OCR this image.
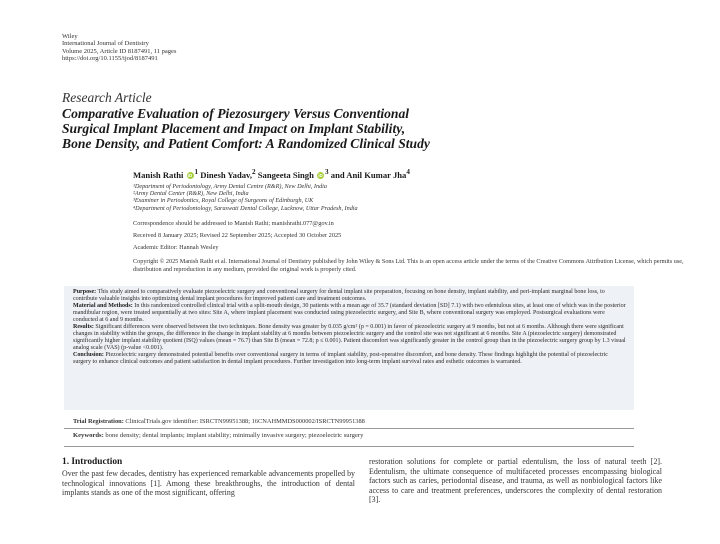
Wiley
International Journal of Dentistry
Volume 2025, Article ID 8187491, 11 pages
https://doi.org/10.1155/ijod/8187491
Research Article
Comparative Evaluation of Piezosurgery Versus Conventional
Surgical Implant Placement and Impact on Implant Stability,
Bone Density, and Patient Comfort: A Randomized Clinical Study
Manish Rathi iD $^1$ Dinesh Yadav,$^2$ Sangeeta Singh iD $^3$ and Anil Kumar Jha$^4$
¹Department of Periodontology, Army Dental Centre (R&R), New Delhi, India
²Army Dental Center (R&R), New Delhi, India
³Examiner in Periodontics, Royal College of Surgeons of Edinburgh, UK
⁴Department of Periodontology, Saraswati Dental College, Lucknow, Uttar Pradesh, India
Correspondence should be addressed to Manish Rathi; manishrathi.077@gov.in
Received 8 January 2025; Revised 22 September 2025; Accepted 30 October 2025
Academic Editor: Hannah Wesley
Copyright © 2025 Manish Rathi et al. International Journal of Dentistry published by John Wiley & Sons Ltd. This is an open access article under the terms of the Creative Commons Attribution License, which permits use, distribution and reproduction in any medium, provided the original work is properly cited.
Purpose: This study aimed to comparatively evaluate piezoelectric surgery and conventional surgery for dental implant site preparation, focusing on bone density, implant stability, and peri-implant marginal bone loss, to contribute valuable insights into optimizing dental implant procedures for improved patient care and treatment outcomes.
Material and Methods: In this randomized controlled clinical trial with a split-mouth design, 30 patients with a mean age of 35.7 (standard deviation [SD] 7.1) with two edentulous sites, at least one of which was in the posterior mandibular region, were treated sequentially at two sites: Site A, where implant placement was conducted using piezoelectric surgery, and Site B, where conventional surgery was employed. Postsurgical evaluations were conducted at 6 and 9 months.
Results: Significant differences were observed between the two techniques. Bone density was greater by 0.035 g/cm² (p = 0.001) in favor of piezoelectric surgery at 9 months, but not at 6 months. Although there were significant changes in stability within the groups, the difference in the change in implant stability at 6 months between piezoelectric surgery and the control site was not significant at 6 months. Site A (piezoelectric surgery) demonstrated significantly higher implant stability quotient (ISQ) values (mean = 76.7) than Site B (mean = 72.8; p ≤ 0.001). Patient discomfort was significantly greater in the control group than in the piezoelectric surgery group by 1.3 visual analog scale (VAS) (p-value <0.001).
Conclusion: Piezoelectric surgery demonstrated potential benefits over conventional surgery in terms of implant stability, post-operative discomfort, and bone density. These findings highlight the potential of piezoelectric surgery to enhance clinical outcomes and patient satisfaction in dental implant procedures. Further investigation into long-term implant survival rates and esthetic outcomes is warranted.
Trial Registration: ClinicalTrials.gov identifier: ISRCTN99951388; 16CNAHMMDS000002/ISRCTN99951388
Keywords: bone density; dental implants; implant stability; minimally invasive surgery; piezoelectric surgery
1. Introduction
Over the past few decades, dentistry has experienced remarkable advancements propelled by technological innovations [1]. Among these breakthroughs, the introduction of dental implants stands as one of the most significant, offering
restoration solutions for complete or partial edentulism, the loss of natural teeth [2]. Edentulism, the ultimate consequence of multifaceted processes encompassing biological factors such as caries, periodontal disease, and trauma, as well as nonbiological factors like access to care and treatment preferences, underscores the complexity of dental restoration [3].
